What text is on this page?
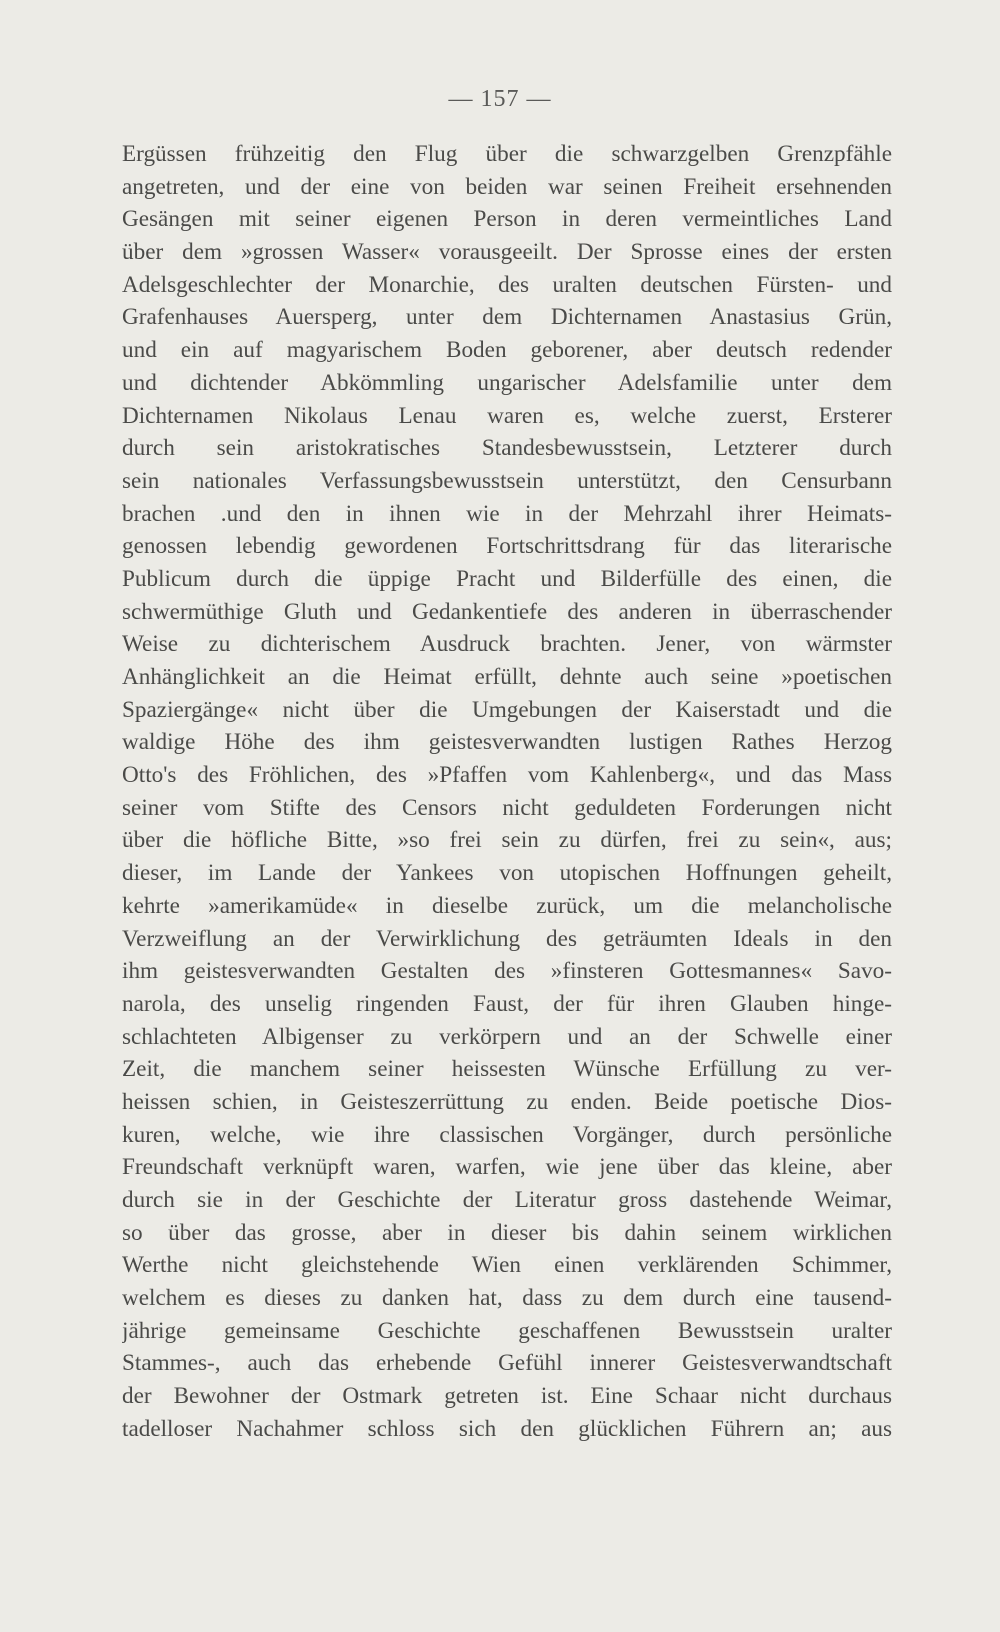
— 157 —
Ergüssen frühzeitig den Flug über die schwarzgelben Grenzpfähle
angetreten, und der eine von beiden war seinen Freiheit ersehnenden
Gesängen mit seiner eigenen Person in deren vermeintliches Land
über dem »grossen Wasser« vorausgeeilt. Der Sprosse eines der ersten
Adelsgeschlechter der Monarchie, des uralten deutschen Fürsten- und
Grafenhauses Auersperg, unter dem Dichternamen Anastasius Grün,
und ein auf magyarischem Boden geborener, aber deutsch redender
und dichtender Abkömmling ungarischer Adelsfamilie unter dem
Dichternamen Nikolaus Lenau waren es, welche zuerst, Ersterer
durch sein aristokratisches Standesbewusstsein, Letzterer durch
sein nationales Verfassungsbewusstsein unterstützt, den Censurbann
brachen .und den in ihnen wie in der Mehrzahl ihrer Heimats-
genossen lebendig gewordenen Fortschrittsdrang für das literarische
Publicum durch die üppige Pracht und Bilderfülle des einen, die
schwermüthige Gluth und Gedankentiefe des anderen in überraschender
Weise zu dichterischem Ausdruck brachten. Jener, von wärmster
Anhänglichkeit an die Heimat erfüllt, dehnte auch seine »poetischen
Spaziergänge« nicht über die Umgebungen der Kaiserstadt und die
waldige Höhe des ihm geistesverwandten lustigen Rathes Herzog
Otto's des Fröhlichen, des »Pfaffen vom Kahlenberg«, und das Mass
seiner vom Stifte des Censors nicht geduldeten Forderungen nicht
über die höfliche Bitte, »so frei sein zu dürfen, frei zu sein«, aus;
dieser, im Lande der Yankees von utopischen Hoffnungen geheilt,
kehrte »amerikamüde« in dieselbe zurück, um die melancholische
Verzweiflung an der Verwirklichung des geträumten Ideals in den
ihm geistesverwandten Gestalten des »finsteren Gottesmannes« Savo-
narola, des unselig ringenden Faust, der für ihren Glauben hinge-
schlachteten Albigenser zu verkörpern und an der Schwelle einer
Zeit, die manchem seiner heissesten Wünsche Erfüllung zu ver-
heissen schien, in Geisteszerrüttung zu enden. Beide poetische Dios-
kuren, welche, wie ihre classischen Vorgänger, durch persönliche
Freundschaft verknüpft waren, warfen, wie jene über das kleine, aber
durch sie in der Geschichte der Literatur gross dastehende Weimar,
so über das grosse, aber in dieser bis dahin seinem wirklichen
Werthe nicht gleichstehende Wien einen verklärenden Schimmer,
welchem es dieses zu danken hat, dass zu dem durch eine tausend-
jährige gemeinsame Geschichte geschaffenen Bewusstsein uralter
Stammes-, auch das erhebende Gefühl innerer Geistesverwandtschaft
der Bewohner der Ostmark getreten ist. Eine Schaar nicht durchaus
tadelloser Nachahmer schloss sich den glücklichen Führern an; aus
